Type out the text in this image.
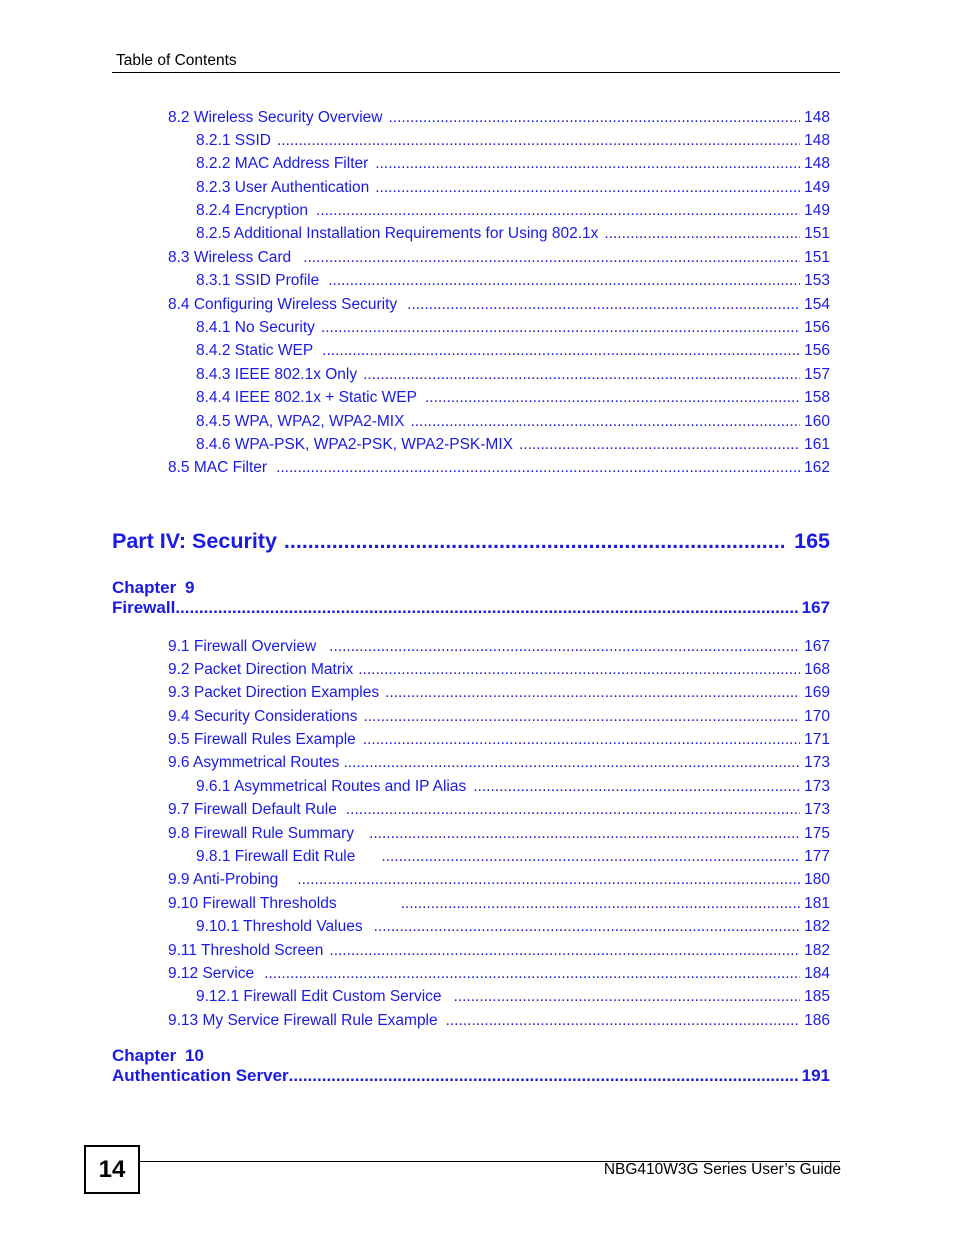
Table of Contents
8.2 Wireless Security Overview .....	148
8.2.1 SSID .....	148
8.2.2 MAC Address Filter .....	148
8.2.3 User Authentication .....	149
8.2.4 Encryption .....	149
8.2.5 Additional Installation Requirements for Using 802.1x .....	151
8.3 Wireless Card .....	151
8.3.1 SSID Profile .....	153
8.4 Configuring Wireless Security .....	154
8.4.1 No Security .....	156
8.4.2 Static WEP .....	156
8.4.3 IEEE 802.1x Only .....	157
8.4.4 IEEE 802.1x + Static WEP .....	158
8.4.5 WPA, WPA2, WPA2-MIX .....	160
8.4.6 WPA-PSK, WPA2-PSK, WPA2-PSK-MIX .....	161
8.5 MAC Filter .....	162
Part IV: Security .....	165
Chapter 9
Firewall .....	167
9.1 Firewall Overview .....	167
9.2 Packet Direction Matrix .....	168
9.3 Packet Direction Examples .....	169
9.4 Security Considerations .....	170
9.5 Firewall Rules Example .....	171
9.6 Asymmetrical Routes .....	173
9.6.1 Asymmetrical Routes and IP Alias .....	173
9.7 Firewall Default Rule .....	173
9.8 Firewall Rule Summary .....	175
9.8.1 Firewall Edit Rule .....	177
9.9 Anti-Probing .....	180
9.10 Firewall Thresholds .....	181
9.10.1 Threshold Values .....	182
9.11 Threshold Screen .....	182
9.12 Service .....	184
9.12.1 Firewall Edit Custom Service .....	185
9.13 My Service Firewall Rule Example .....	186
Chapter 10
Authentication Server .....	191
14	NBG410W3G Series User’s Guide
